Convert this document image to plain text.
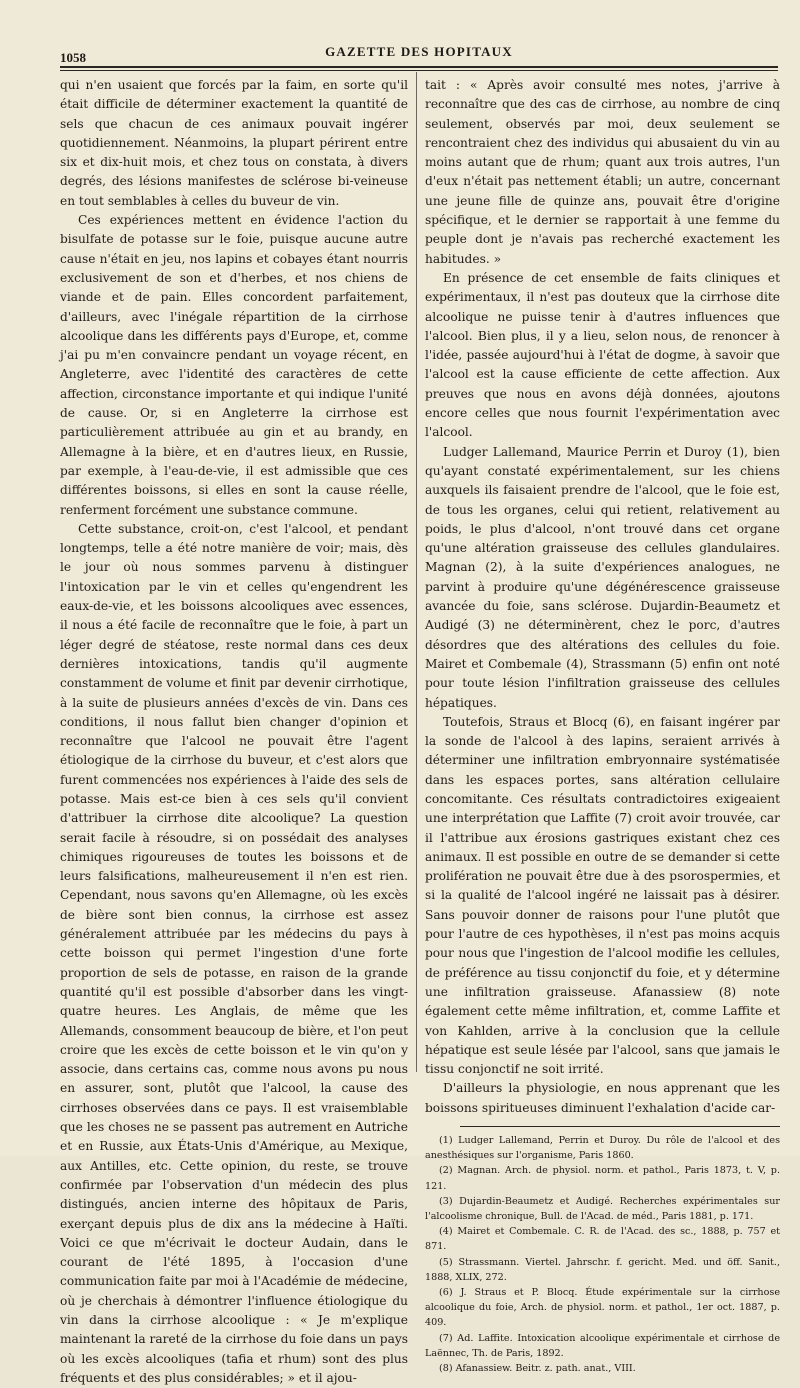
1058	GAZETTE DES HOPITAUX

qui n'en usaient que forcés par la faim, en sorte qu'il était difficile de déterminer exactement la quantité de sels que chacun de ces animaux pouvait ingérer quotidiennement. Néanmoins, la plupart périrent entre six et dix-huit mois, et chez tous on constata, à divers degrés, des lésions manifestes de sclérose bi-veineuse en tout semblables à celles du buveur de vin.

Ces expériences mettent en évidence l'action du bisulfate de potasse sur le foie, puisque aucune autre cause n'était en jeu, nos lapins et cobayes étant nourris exclusivement de son et d'herbes, et nos chiens de viande et de pain. Elles concordent parfaitement, d'ailleurs, avec l'inégale répartition de la cirrhose alcoolique dans les différents pays d'Europe, et, comme j'ai pu m'en convaincre pendant un voyage récent, en Angleterre, avec l'identité des caractères de cette affection, circonstance importante et qui indique l'unité de cause. Or, si en Angleterre la cirrhose est particulièrement attribuée au gin et au brandy, en Allemagne à la bière, et en d'autres lieux, en Russie, par exemple, à l'eau-de-vie, il est admissible que ces différentes boissons, si elles en sont la cause réelle, renferment forcément une substance commune.

Cette substance, croit-on, c'est l'alcool, et pendant longtemps, telle a été notre manière de voir; mais, dès le jour où nous sommes parvenu à distinguer l'intoxication par le vin et celles qu'engendrent les eaux-de-vie, et les boissons alcooliques avec essences, il nous a été facile de reconnaître que le foie, à part un léger degré de stéatose, reste normal dans ces deux dernières intoxications, tandis qu'il augmente constamment de volume et finit par devenir cirrhotique, à la suite de plusieurs années d'excès de vin. Dans ces conditions, il nous fallut bien changer d'opinion et reconnaître que l'alcool ne pouvait être l'agent étiologique de la cirrhose du buveur, et c'est alors que furent commencées nos expériences à l'aide des sels de potasse. Mais est-ce bien à ces sels qu'il convient d'attribuer la cirrhose dite alcoolique? La question serait facile à résoudre, si on possédait des analyses chimiques rigoureuses de toutes les boissons et de leurs falsifications, malheureusement il n'en est rien. Cependant, nous savons qu'en Allemagne, où les excès de bière sont bien connus, la cirrhose est assez généralement attribuée par les médecins du pays à cette boisson qui permet l'ingestion d'une forte proportion de sels de potasse, en raison de la grande quantité qu'il est possible d'absorber dans les vingt-quatre heures. Les Anglais, de même que les Allemands, consomment beaucoup de bière, et l'on peut croire que les excès de cette boisson et le vin qu'on y associe, dans certains cas, comme nous avons pu nous en assurer, sont, plutôt que l'alcool, la cause des cirrhoses observées dans ce pays. Il est vraisemblable que les choses ne se passent pas autrement en Autriche et en Russie, aux États-Unis d'Amérique, au Mexique, aux Antilles, etc. Cette opinion, du reste, se trouve confirmée par l'observation d'un médecin des plus distingués, ancien interne des hôpitaux de Paris, exerçant depuis plus de dix ans la médecine à Haïti. Voici ce que m'écrivait le docteur Audain, dans le courant de l'été 1895, à l'occasion d'une communication faite par moi à l'Académie de médecine, où je cherchais à démontrer l'influence étiologique du vin dans la cirrhose alcoolique : « Je m'explique maintenant la rareté de la cirrhose du foie dans un pays où les excès alcooliques (tafia et rhum) sont des plus fréquents et des plus considérables; » et il ajou-

tait : « Après avoir consulté mes notes, j'arrive à reconnaître que des cas de cirrhose, au nombre de cinq seulement, observés par moi, deux seulement se rencontraient chez des individus qui abusaient du vin au moins autant que de rhum; quant aux trois autres, l'un d'eux n'était pas nettement établi; un autre, concernant une jeune fille de quinze ans, pouvait être d'origine spécifique, et le dernier se rapportait à une femme du peuple dont je n'avais pas recherché exactement les habitudes. »

En présence de cet ensemble de faits cliniques et expérimentaux, il n'est pas douteux que la cirrhose dite alcoolique ne puisse tenir à d'autres influences que l'alcool. Bien plus, il y a lieu, selon nous, de renoncer à l'idée, passée aujourd'hui à l'état de dogme, à savoir que l'alcool est la cause efficiente de cette affection. Aux preuves que nous en avons déjà données, ajoutons encore celles que nous fournit l'expérimentation avec l'alcool.

Ludger Lallemand, Maurice Perrin et Duroy (1), bien qu'ayant constaté expérimentalement, sur les chiens auxquels ils faisaient prendre de l'alcool, que le foie est, de tous les organes, celui qui retient, relativement au poids, le plus d'alcool, n'ont trouvé dans cet organe qu'une altération graisseuse des cellules glandulaires. Magnan (2), à la suite d'expériences analogues, ne parvint à produire qu'une dégénérescence graisseuse avancée du foie, sans sclérose. Dujardin-Beaumetz et Audigé (3) ne déterminèrent, chez le porc, d'autres désordres que des altérations des cellules du foie. Mairet et Combemale (4), Strassmann (5) enfin ont noté pour toute lésion l'infiltration graisseuse des cellules hépatiques.

Toutefois, Straus et Blocq (6), en faisant ingérer par la sonde de l'alcool à des lapins, seraient arrivés à déterminer une infiltration embryonnaire systématisée dans les espaces portes, sans altération cellulaire concomitante. Ces résultats contradictoires exigeaient une interprétation que Laffite (7) croit avoir trouvée, car il l'attribue aux érosions gastriques existant chez ces animaux. Il est possible en outre de se demander si cette prolifération ne pouvait être due à des psorospermies, et si la qualité de l'alcool ingéré ne laissait pas à désirer. Sans pouvoir donner de raisons pour l'une plutôt que pour l'autre de ces hypothèses, il n'est pas moins acquis pour nous que l'ingestion de l'alcool modifie les cellules, de préférence au tissu conjonctif du foie, et y détermine une infiltration graisseuse. Afanassiew (8) note également cette même infiltration, et, comme Laffite et von Kahlden, arrive à la conclusion que la cellule hépatique est seule lésée par l'alcool, sans que jamais le tissu conjonctif ne soit irrité.

D'ailleurs la physiologie, en nous apprenant que les boissons spiritueuses diminuent l'exhalation d'acide car-

(1) Ludger Lallemand, Perrin et Duroy. Du rôle de l'alcool et des anesthésiques sur l'organisme, Paris 1860.

(2) Magnan. Arch. de physiol. norm. et pathol., Paris 1873, t. V, p. 121.

(3) Dujardin-Beaumetz et Audigé. Recherches expérimentales sur l'alcoolisme chronique, Bull. de l'Acad. de méd., Paris 1881, p. 171.

(4) Mairet et Combemale. C. R. de l'Acad. des sc., 1888, p. 757 et 871.

(5) Strassmann. Viertel. Jahrschr. f. gericht. Med. und öff. Sanit., 1888, XLIX, 272.

(6) J. Straus et P. Blocq. Étude expérimentale sur la cirrhose alcoolique du foie, Arch. de physiol. norm. et pathol., 1er oct. 1887, p. 409.

(7) Ad. Laffite. Intoxication alcoolique expérimentale et cirrhose de Laënnec, Th. de Paris, 1892.

(8) Afanassiew. Beitr. z. path. anat., VIII.
